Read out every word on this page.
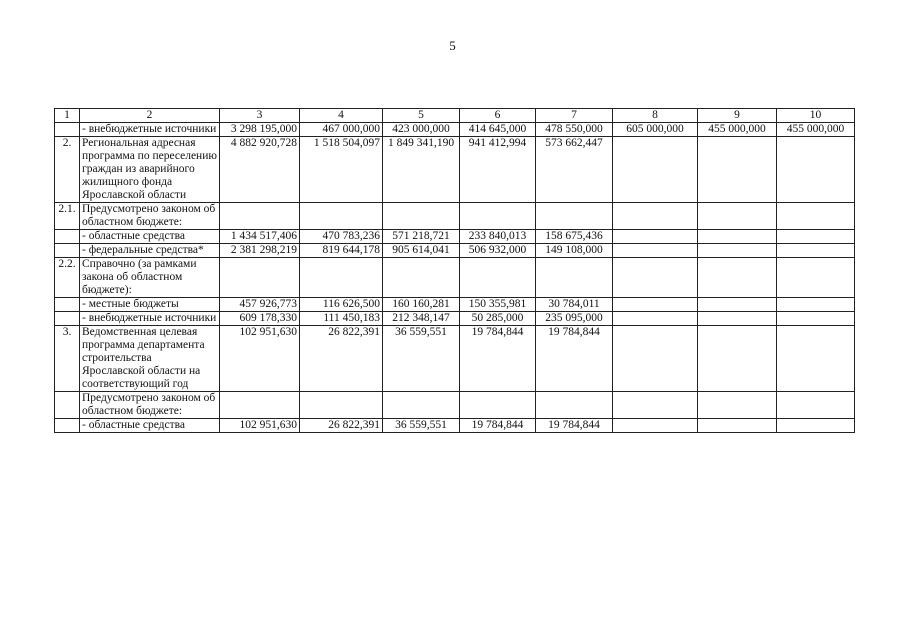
5
1	2	3	4	5	6	7	8	9	10
	- внебюджетные источники	3 298 195,000	467 000,000	423 000,000	414 645,000	478 550,000	605 000,000	455 000,000	455 000,000
2.	Региональная адресная программа по переселению граждан из аварийного жилищного фонда Ярославской области	4 882 920,728	1 518 504,097	1 849 341,190	941 412,994	573 662,447			
2.1.	Предусмотрено законом об областном бюджете:								
	- областные средства	1 434 517,406	470 783,236	571 218,721	233 840,013	158 675,436			
	- федеральные средства*	2 381 298,219	819 644,178	905 614,041	506 932,000	149 108,000			
2.2.	Справочно (за рамками закона об областном бюджете):								
	- местные бюджеты	457 926,773	116 626,500	160 160,281	150 355,981	30 784,011			
	- внебюджетные источники	609 178,330	111 450,183	212 348,147	50 285,000	235 095,000			
3.	Ведомственная целевая программа департамента строительства Ярославской области на соответствующий год	102 951,630	26 822,391	36 559,551	19 784,844	19 784,844			
	Предусмотрено законом об областном бюджете:								
	- областные средства	102 951,630	26 822,391	36 559,551	19 784,844	19 784,844			
